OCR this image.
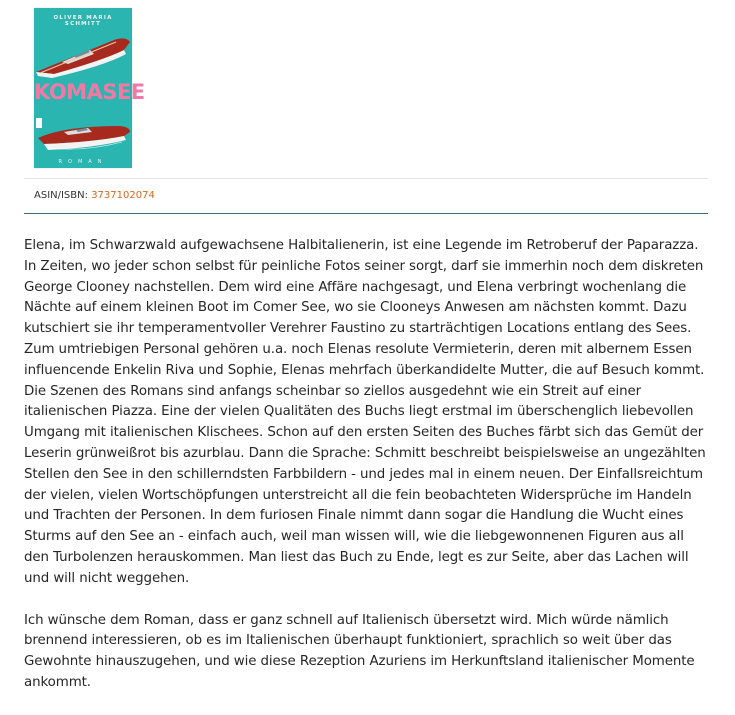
OLIVER MARIA SCHMITT
KOMASEE
ROMAN
ASIN/ISBN: 3737102074

Elena, im Schwarzwald aufgewachsene Halbitalienerin, ist eine Legende im Retroberuf der Paparazza. In Zeiten, wo jeder schon selbst für peinliche Fotos seiner sorgt, darf sie immerhin noch dem diskreten George Clooney nachstellen. Dem wird eine Affäre nachgesagt, und Elena verbringt wochenlang die Nächte auf einem kleinen Boot im Comer See, wo sie Clooneys Anwesen am nächsten kommt. Dazu kutschiert sie ihr temperamentvoller Verehrer Faustino zu starträchtigen Locations entlang des Sees. Zum umtriebigen Personal gehören u.a. noch Elenas resolute Vermieterin, deren mit albernem Essen influencende Enkelin Riva und Sophie, Elenas mehrfach überkandidelte Mutter, die auf Besuch kommt. Die Szenen des Romans sind anfangs scheinbar so ziellos ausgedehnt wie ein Streit auf einer italienischen Piazza. Eine der vielen Qualitäten des Buchs liegt erstmal im überschenglich liebevollen Umgang mit italienischen Klischees. Schon auf den ersten Seiten des Buches färbt sich das Gemüt der Leserin grünweißrot bis azurblau. Dann die Sprache: Schmitt beschreibt beispielsweise an ungezählten Stellen den See in den schillerndsten Farbbildern - und jedes mal in einem neuen. Der Einfallsreichtum der vielen, vielen Wortschöpfungen unterstreicht all die fein beobachteten Widersprüche im Handeln und Trachten der Personen. In dem furiosen Finale nimmt dann sogar die Handlung die Wucht eines Sturms auf den See an - einfach auch, weil man wissen will, wie die liebgewonnenen Figuren aus all den Turbolenzen herauskommen. Man liest das Buch zu Ende, legt es zur Seite, aber das Lachen will und will nicht weggehen.

Ich wünsche dem Roman, dass er ganz schnell auf Italienisch übersetzt wird. Mich würde nämlich brennend interessieren, ob es im Italienischen überhaupt funktioniert, sprachlich so weit über das Gewohnte hinauszugehen, und wie diese Rezeption Azuriens im Herkunftsland italienischer Momente ankommt.
